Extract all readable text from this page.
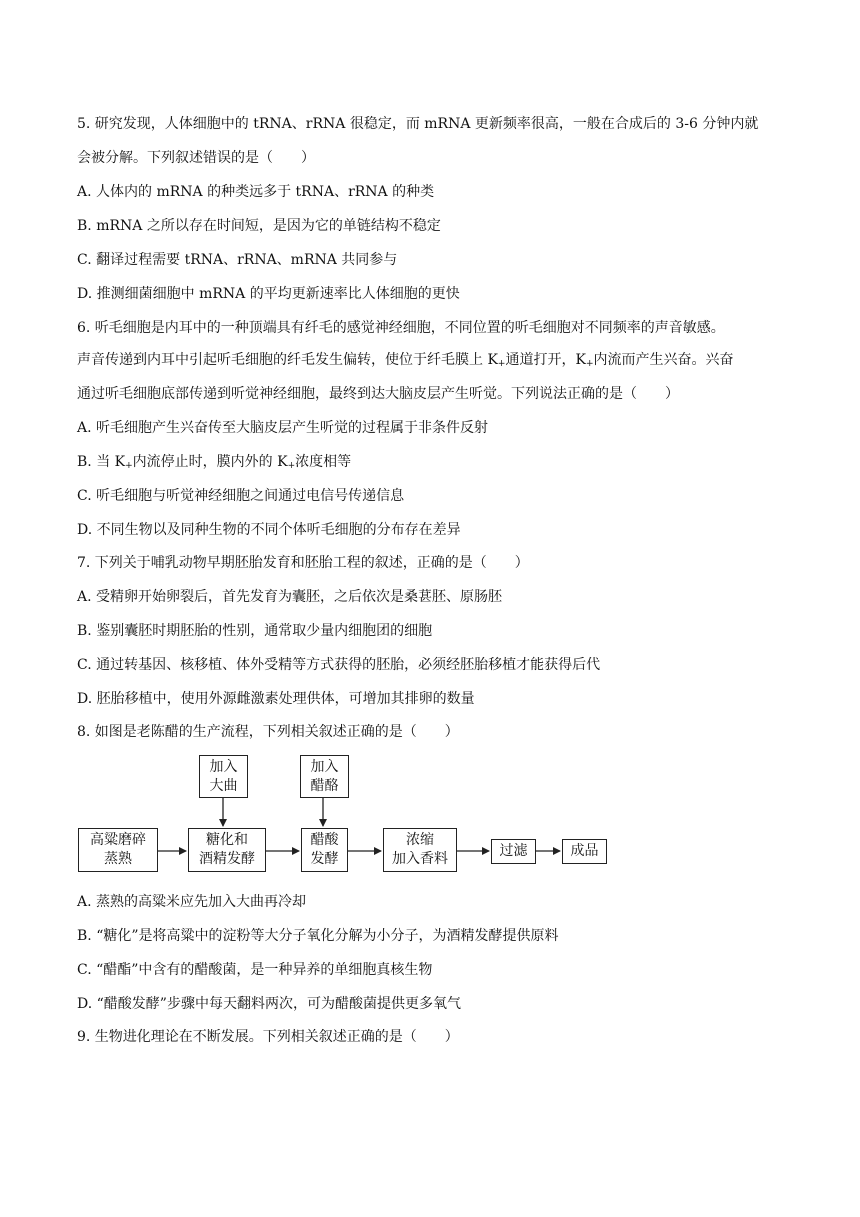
5. 研究发现，人体细胞中的 tRNA、rRNA 很稳定，而 mRNA 更新频率很高，一般在合成后的 3-6 分钟内就
会被分解。下列叙述错误的是（　　）
A. 人体内的 mRNA 的种类远多于 tRNA、rRNA 的种类
B. mRNA 之所以存在时间短，是因为它的单链结构不稳定
C. 翻译过程需要 tRNA、rRNA、mRNA 共同参与
D. 推测细菌细胞中 mRNA 的平均更新速率比人体细胞的更快
6. 听毛细胞是内耳中的一种顶端具有纤毛的感觉神经细胞，不同位置的听毛细胞对不同频率的声音敏感。
声音传递到内耳中引起听毛细胞的纤毛发生偏转，使位于纤毛膜上 $K_+$通道打开，$K_+$内流而产生兴奋。兴奋
通过听毛细胞底部传递到听觉神经细胞，最终到达大脑皮层产生听觉。下列说法正确的是（　　）
A. 听毛细胞产生兴奋传至大脑皮层产生听觉的过程属于非条件反射
B. 当 $K_+$内流停止时，膜内外的 $K_+$浓度相等
C. 听毛细胞与听觉神经细胞之间通过电信号传递信息
D. 不同生物以及同种生物的不同个体听毛细胞的分布存在差异
7. 下列关于哺乳动物早期胚胎发育和胚胎工程的叙述，正确的是（　　）
A. 受精卵开始卵裂后，首先发育为囊胚，之后依次是桑葚胚、原肠胚
B. 鉴别囊胚时期胚胎的性别，通常取少量内细胞团的细胞
C. 通过转基因、核移植、体外受精等方式获得的胚胎，必须经胚胎移植才能获得后代
D. 胚胎移植中，使用外源雌激素处理供体，可增加其排卵的数量
8. 如图是老陈醋的生产流程，下列相关叙述正确的是（　　）
加入
大曲
加入
醋酪
高粱磨碎
蒸熟
糖化和
酒精发酵
醋酸
发酵
浓缩
加入香料	过滤	成品
A. 蒸熟的高粱米应先加入大曲再冷却
B. “糖化”是将高粱中的淀粉等大分子氧化分解为小分子，为酒精发酵提供原料
C. “醋酯”中含有的醋酸菌，是一种异养的单细胞真核生物
D. “醋酸发酵”步骤中每天翻料两次，可为醋酸菌提供更多氧气
9. 生物进化理论在不断发展。下列相关叙述正确的是（　　）
